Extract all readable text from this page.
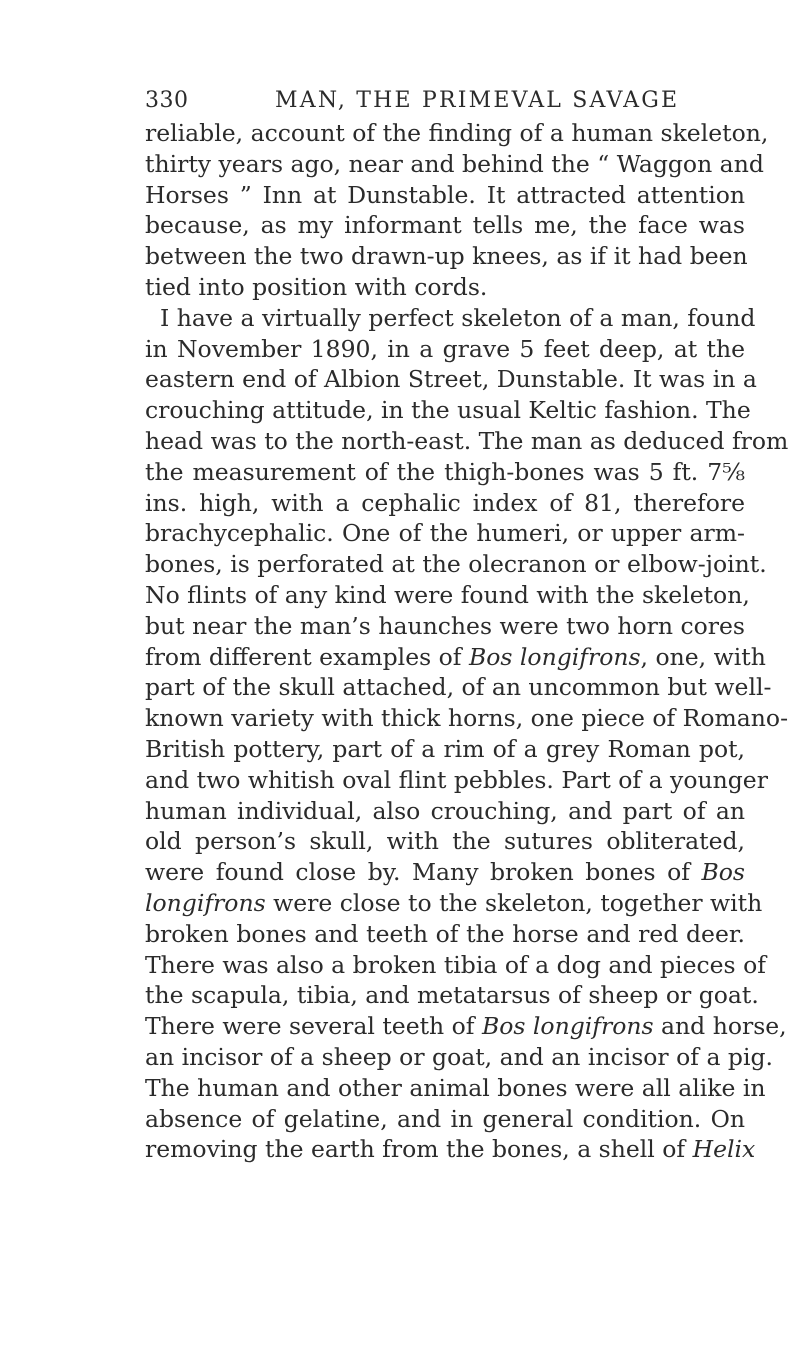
330	MAN, THE PRIMEVAL SAVAGE
reliable, account of the finding of a human skeleton,
thirty years ago, near and behind the “ Waggon and
Horses ” Inn at Dunstable. It attracted attention
because, as my informant tells me, the face was
between the two drawn-up knees, as if it had been
tied into position with cords.
I have a virtually perfect skeleton of a man, found
in November 1890, in a grave 5 feet deep, at the
eastern end of Albion Street, Dunstable. It was in a
crouching attitude, in the usual Keltic fashion. The
head was to the north-east. The man as deduced from
the measurement of the thigh-bones was 5 ft. 7⅝
ins. high, with a cephalic index of 81, therefore
brachycephalic. One of the humeri, or upper arm-
bones, is perforated at the olecranon or elbow-joint.
No flints of any kind were found with the skeleton,
but near the man’s haunches were two horn cores
from different examples of Bos longifrons, one, with
part of the skull attached, of an uncommon but well-
known variety with thick horns, one piece of Romano-
British pottery, part of a rim of a grey Roman pot,
and two whitish oval flint pebbles. Part of a younger
human individual, also crouching, and part of an
old person’s skull, with the sutures obliterated,
were found close by. Many broken bones of Bos
longifrons were close to the skeleton, together with
broken bones and teeth of the horse and red deer.
There was also a broken tibia of a dog and pieces of
the scapula, tibia, and metatarsus of sheep or goat.
There were several teeth of Bos longifrons and horse,
an incisor of a sheep or goat, and an incisor of a pig.
The human and other animal bones were all alike in
absence of gelatine, and in general condition. On
removing the earth from the bones, a shell of Helix
